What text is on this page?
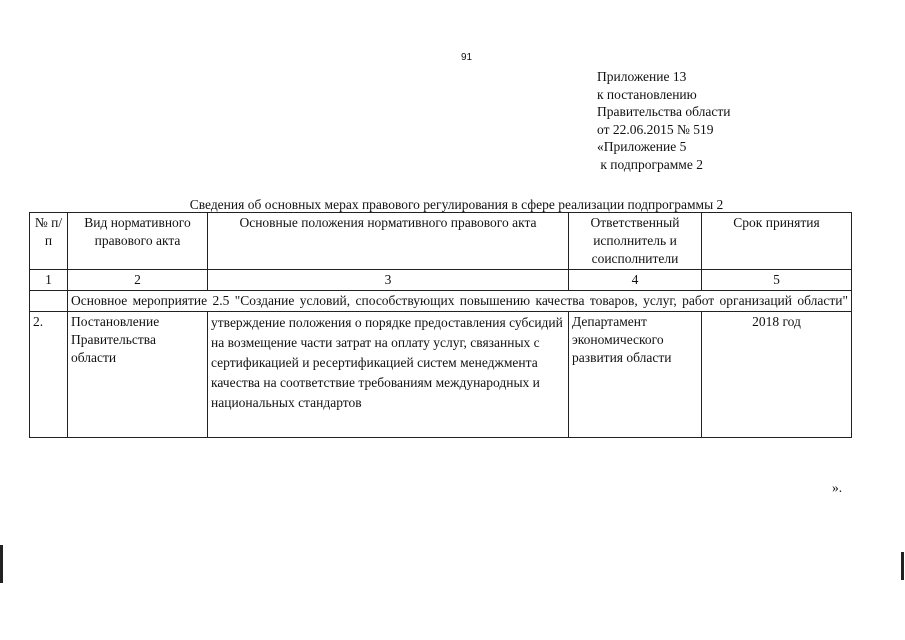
91
Приложение 13
к постановлению
Правительства области
от 22.06.2015 № 519
«Приложение 5
к подпрограмме 2
Сведения об основных мерах правового регулирования в сфере реализации подпрограммы 2
№ п/п	Вид нормативного правового акта	Основные положения нормативного правового акта	Ответственный исполнитель и соисполнители	Срок принятия
1	2	3	4	5
	Основное мероприятие 2.5 "Создание условий, способствующих повышению качества товаров, услуг, работ организаций области"			
2.	Постановление Правительства области	утверждение положения о порядке предоставления субсидий на возмещение части затрат на оплату услуг, связанных с сертификацией и ресертификацией систем менеджмента качества на соответствие требованиям международных и национальных стандартов	Департамент экономического развития области	2018 год
».
